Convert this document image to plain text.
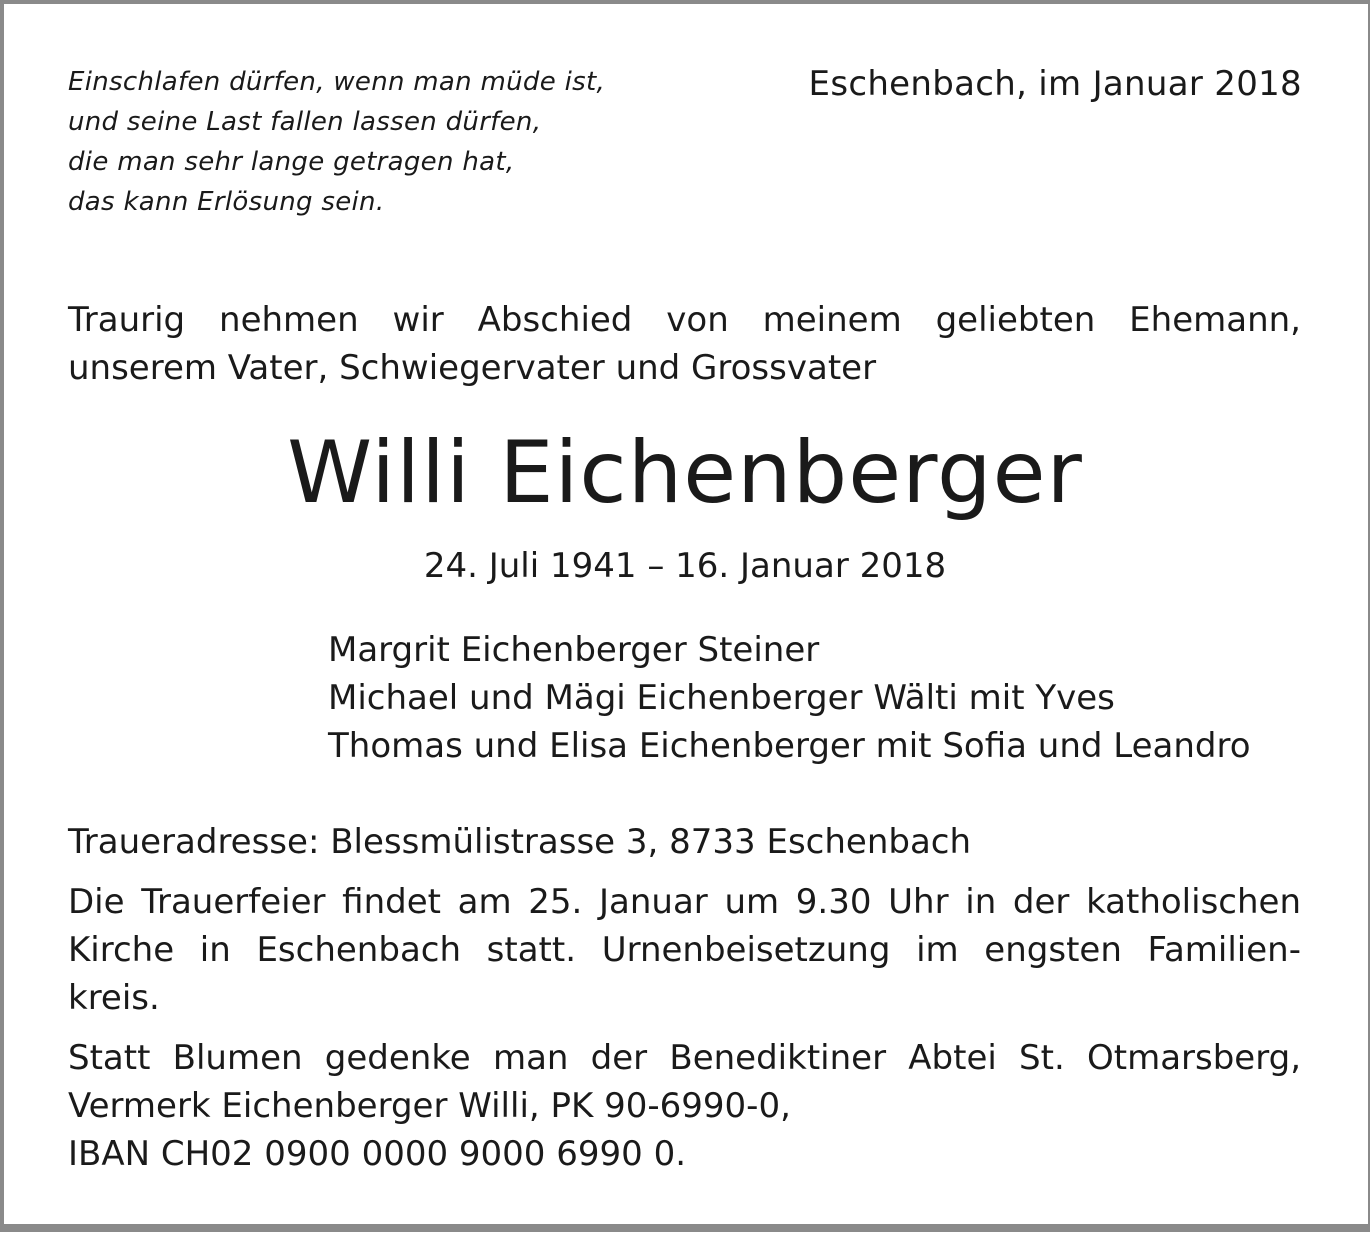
Einschlafen dürfen, wenn man müde ist,
und seine Last fallen lassen dürfen,
die man sehr lange getragen hat,
das kann Erlösung sein.
Eschenbach, im Januar 2018
Traurig nehmen wir Abschied von meinem geliebten Ehemann,
unserem Vater, Schwiegervater und Grossvater
Willi Eichenberger
24. Juli 1941 – 16. Januar 2018
Margrit Eichenberger Steiner
Michael und Mägi Eichenberger Wälti mit Yves
Thomas und Elisa Eichenberger mit Sofia und Leandro
Traueradresse: Blessmülistrasse 3, 8733 Eschenbach
Die Trauerfeier findet am 25. Januar um 9.30 Uhr in der katholischen
Kirche in Eschenbach statt. Urnenbeisetzung im engsten Familien-
kreis.
Statt Blumen gedenke man der Benediktiner Abtei St. Otmarsberg,
Vermerk Eichenberger Willi, PK 90-6990-0,
IBAN CH02 0900 0000 9000 6990 0.
